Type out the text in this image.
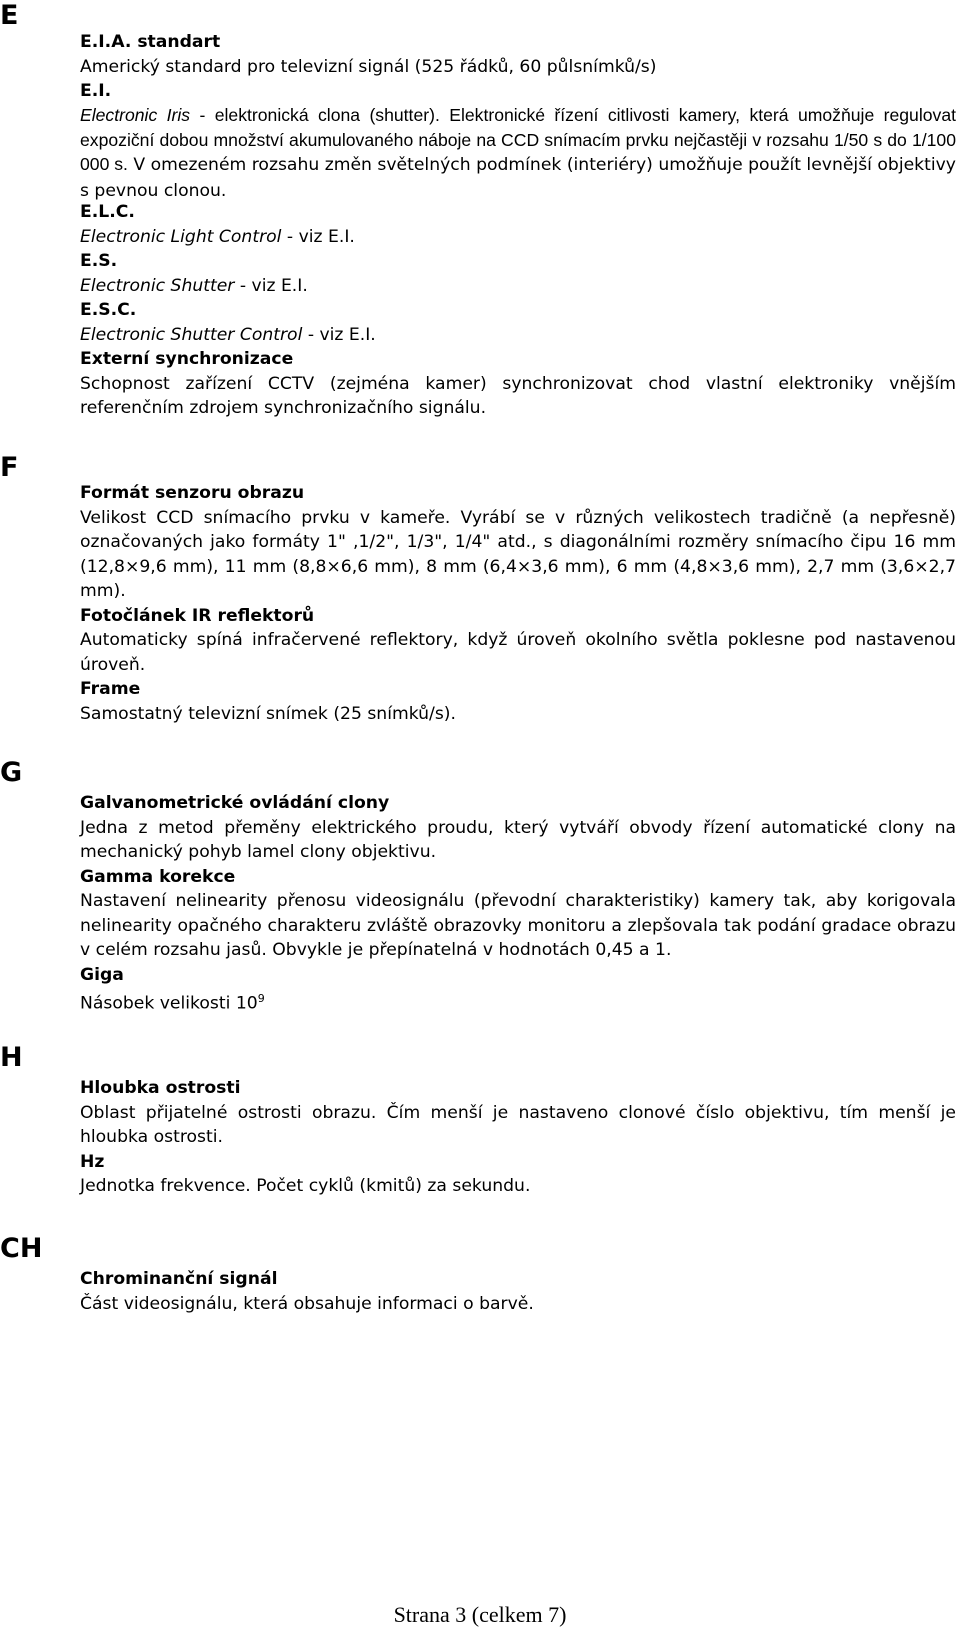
E
E.I.A. standart
Americký standard pro televizní signál (525 řádků, 60 půlsnímků/s)
E.I.
Electronic Iris - elektronická clona (shutter). Elektronické řízení citlivosti kamery, která umožňuje regulovat expoziční dobou množství akumulovaného náboje na CCD snímacím prvku nejčastěji v rozsahu 1/50 s do 1/100 000 s. V omezeném rozsahu změn světelných podmínek (interiéry) umožňuje použít levnější objektivy s pevnou clonou.
E.L.C.
Electronic Light Control - viz E.I.
E.S.
Electronic Shutter - viz E.I.
E.S.C.
Electronic Shutter Control - viz E.I.
Externí synchronizace
Schopnost zařízení CCTV (zejména kamer) synchronizovat chod vlastní elektroniky vnějším referenčním zdrojem synchronizačního signálu.
F
Formát senzoru obrazu
Velikost CCD snímacího prvku v kameře. Vyrábí se v různých velikostech tradičně (a nepřesně) označovaných jako formáty 1" ,1/2", 1/3", 1/4" atd., s diagonálními rozměry snímacího čipu 16 mm (12,8×9,6 mm), 11 mm (8,8×6,6 mm), 8 mm (6,4×3,6 mm), 6 mm (4,8×3,6 mm), 2,7 mm (3,6×2,7 mm).
Fotočlánek IR reflektorů
Automaticky spíná infračervené reflektory, když úroveň okolního světla poklesne pod nastavenou úroveň.
Frame
Samostatný televizní snímek (25 snímků/s).
G
Galvanometrické ovládání clony
Jedna z metod přeměny elektrického proudu, který vytváří obvody řízení automatické clony na mechanický pohyb lamel clony objektivu.
Gamma korekce
Nastavení nelinearity přenosu videosignálu (převodní charakteristiky) kamery tak, aby korigovala nelinearity opačného charakteru zvláště obrazovky monitoru a zlepšovala tak podání gradace obrazu v celém rozsahu jasů. Obvykle je přepínatelná v hodnotách 0,45 a 1.
Giga
Násobek velikosti $10^9$
H
Hloubka ostrosti
Oblast přijatelné ostrosti obrazu. Čím menší je nastaveno clonové číslo objektivu, tím menší je hloubka ostrosti.
Hz
Jednotka frekvence. Počet cyklů (kmitů) za sekundu.
CH
Chrominanční signál
Část videosignálu, která obsahuje informaci o barvě.
Strana 3 (celkem 7)
